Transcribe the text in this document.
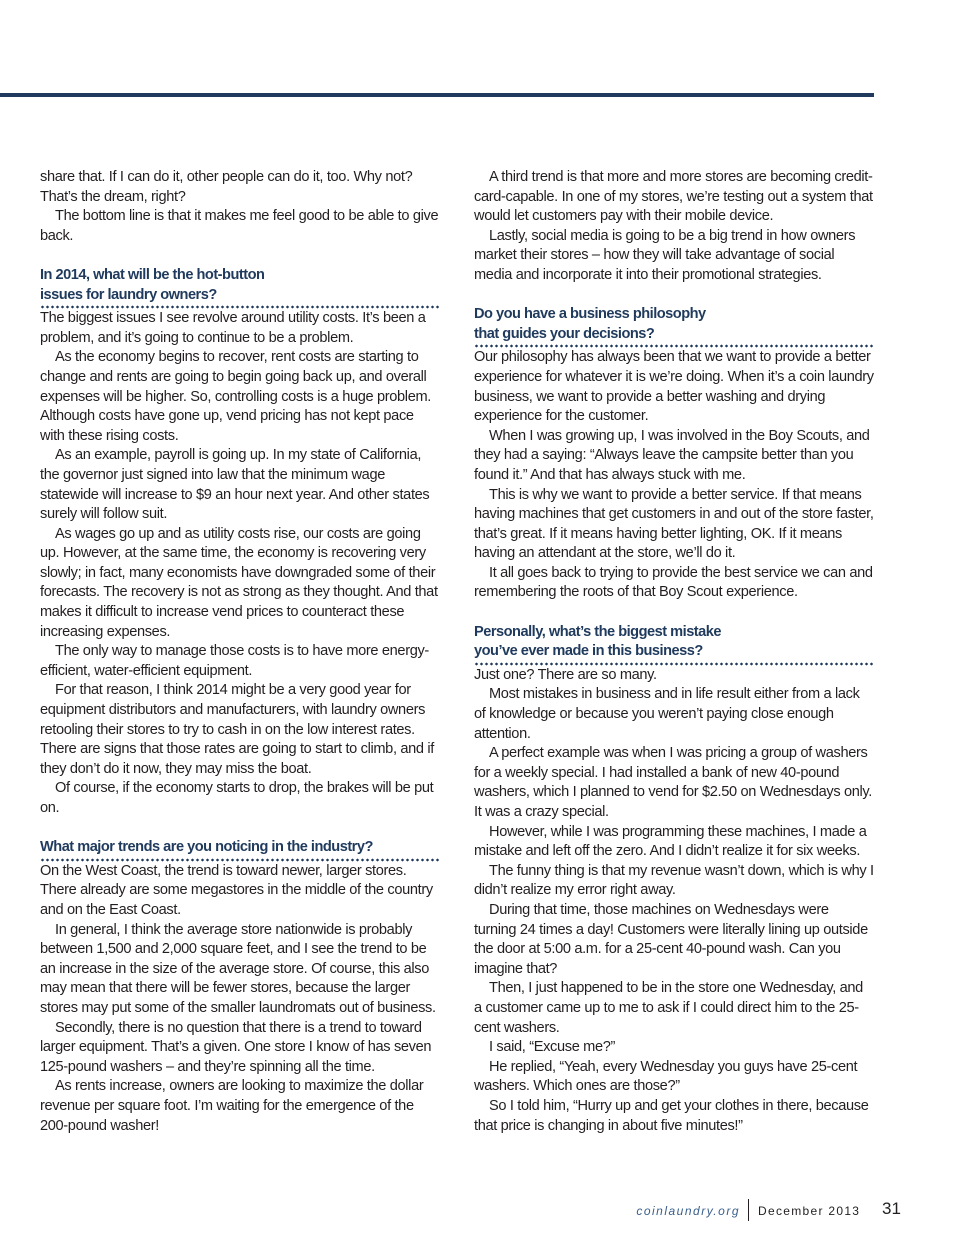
share that. If I can do it, other people can do it, too. Why not? That’s the dream, right?

The bottom line is that it makes me feel good to be able to give back.

In 2014, what will be the hot-button
issues for laundry owners?

The biggest issues I see revolve around utility costs. It’s been a problem, and it’s going to continue to be a problem.

As the economy begins to recover, rent costs are starting to change and rents are going to begin going back up, and overall expenses will be higher. So, controlling costs is a huge problem. Although costs have gone up, vend pricing has not kept pace with these rising costs.

As an example, payroll is going up. In my state of California, the governor just signed into law that the minimum wage statewide will increase to $9 an hour next year. And other states surely will follow suit.

As wages go up and as utility costs rise, our costs are going up. However, at the same time, the economy is recovering very slowly; in fact, many economists have downgraded some of their forecasts. The recovery is not as strong as they thought. And that makes it difficult to increase vend prices to counteract these increasing expenses.

The only way to manage those costs is to have more energy-efficient, water-efficient equipment.

For that reason, I think 2014 might be a very good year for equipment distributors and manufacturers, with laundry owners retooling their stores to try to cash in on the low interest rates. There are signs that those rates are going to start to climb, and if they don’t do it now, they may miss the boat.

Of course, if the economy starts to drop, the brakes will be put on.

What major trends are you noticing in the industry?

On the West Coast, the trend is toward newer, larger stores. There already are some megastores in the middle of the country and on the East Coast.

In general, I think the average store nationwide is probably between 1,500 and 2,000 square feet, and I see the trend to be an increase in the size of the average store. Of course, this also may mean that there will be fewer stores, because the larger stores may put some of the smaller laundromats out of business.

Secondly, there is no question that there is a trend to toward larger equipment. That’s a given. One store I know of has seven 125-pound washers – and they’re spinning all the time.

As rents increase, owners are looking to maximize the dollar revenue per square foot. I’m waiting for the emergence of the 200-pound washer!

A third trend is that more and more stores are becoming credit-card-capable. In one of my stores, we’re testing out a system that would let customers pay with their mobile device.

Lastly, social media is going to be a big trend in how owners market their stores – how they will take advantage of social media and incorporate it into their promotional strategies.

Do you have a business philosophy
that guides your decisions?

Our philosophy has always been that we want to provide a better experience for whatever it is we’re doing. When it’s a coin laundry business, we want to provide a better washing and drying experience for the customer.

When I was growing up, I was involved in the Boy Scouts, and they had a saying: “Always leave the campsite better than you found it.” And that has always stuck with me.

This is why we want to provide a better service. If that means having machines that get customers in and out of the store faster, that’s great. If it means having better lighting, OK. If it means having an attendant at the store, we’ll do it.

It all goes back to trying to provide the best service we can and remembering the roots of that Boy Scout experience.

Personally, what’s the biggest mistake
you’ve ever made in this business?

Just one? There are so many.

Most mistakes in business and in life result either from a lack of knowledge or because you weren’t paying close enough attention.

A perfect example was when I was pricing a group of washers for a weekly special. I had installed a bank of new 40-pound washers, which I planned to vend for $2.50 on Wednesdays only. It was a crazy special.

However, while I was programming these machines, I made a mistake and left off the zero. And I didn’t realize it for six weeks.

The funny thing is that my revenue wasn’t down, which is why I didn’t realize my error right away.

During that time, those machines on Wednesdays were turning 24 times a day! Customers were literally lining up outside the door at 5:00 a.m. for a 25-cent 40-pound wash. Can you imagine that?

Then, I just happened to be in the store one Wednesday, and a customer came up to me to ask if I could direct him to the 25-cent washers.

I said, “Excuse me?”

He replied, “Yeah, every Wednesday you guys have 25-cent washers. Which ones are those?”

So I told him, “Hurry up and get your clothes in there, because that price is changing in about five minutes!”

coinlaundry.org December 2013 31
